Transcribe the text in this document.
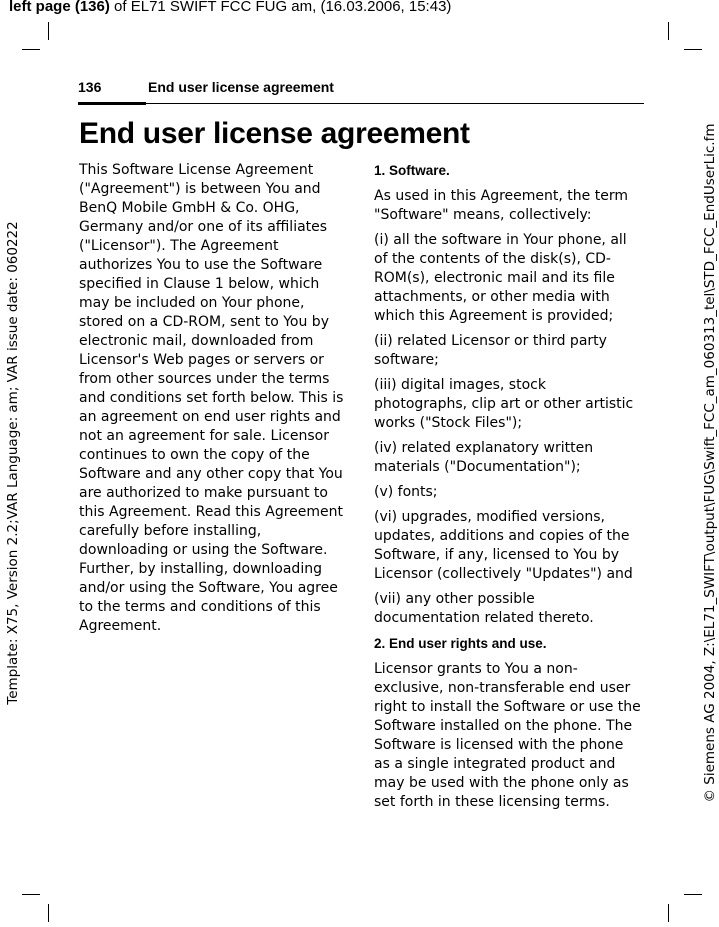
left page (136) of EL71 SWIFT FCC FUG am, (16.03.2006, 15:43)
Template: X75, Version 2.2;VAR Language: am; VAR issue date: 060222	© Siemens AG 2004, Z:\EL71_SWIFT\output\FUG\Swift_FCC_am_060313_tel\STD_FCC_EndUserLic.fm
136	End user license agreement
End user license agreement

This Software License Agreement ("Agreement") is between You and BenQ Mobile GmbH & Co. OHG, Germany and/or one of its affiliates ("Licensor"). The Agreement authorizes You to use the Software specified in Clause 1 below, which may be included on Your phone, stored on a CD-ROM, sent to You by electronic mail, downloaded from Licensor's Web pages or servers or from other sources under the terms and conditions set forth below. This is an agreement on end user rights and not an agreement for sale. Licensor continues to own the copy of the Software and any other copy that You are authorized to make pursuant to this Agreement. Read this Agreement carefully before installing, downloading or using the Software. Further, by installing, downloading and/or using the Software, You agree to the terms and conditions of this Agreement.

1. Software.

As used in this Agreement, the term "Software" means, collectively:

(i) all the software in Your phone, all of the contents of the disk(s), CD-ROM(s), electronic mail and its file attachments, or other media with which this Agreement is provided;

(ii) related Licensor or third party software;

(iii) digital images, stock photographs, clip art or other artistic works ("Stock Files");

(iv) related explanatory written materials ("Documentation");

(v) fonts;

(vi) upgrades, modified versions, updates, additions and copies of the Software, if any, licensed to You by Licensor (collectively "Updates") and

(vii) any other possible documentation related thereto.

2. End user rights and use.

Licensor grants to You a non-exclusive, non-transferable end user right to install the Software or use the Software installed on the phone. The Software is licensed with the phone as a single integrated product and may be used with the phone only as set forth in these licensing terms.
